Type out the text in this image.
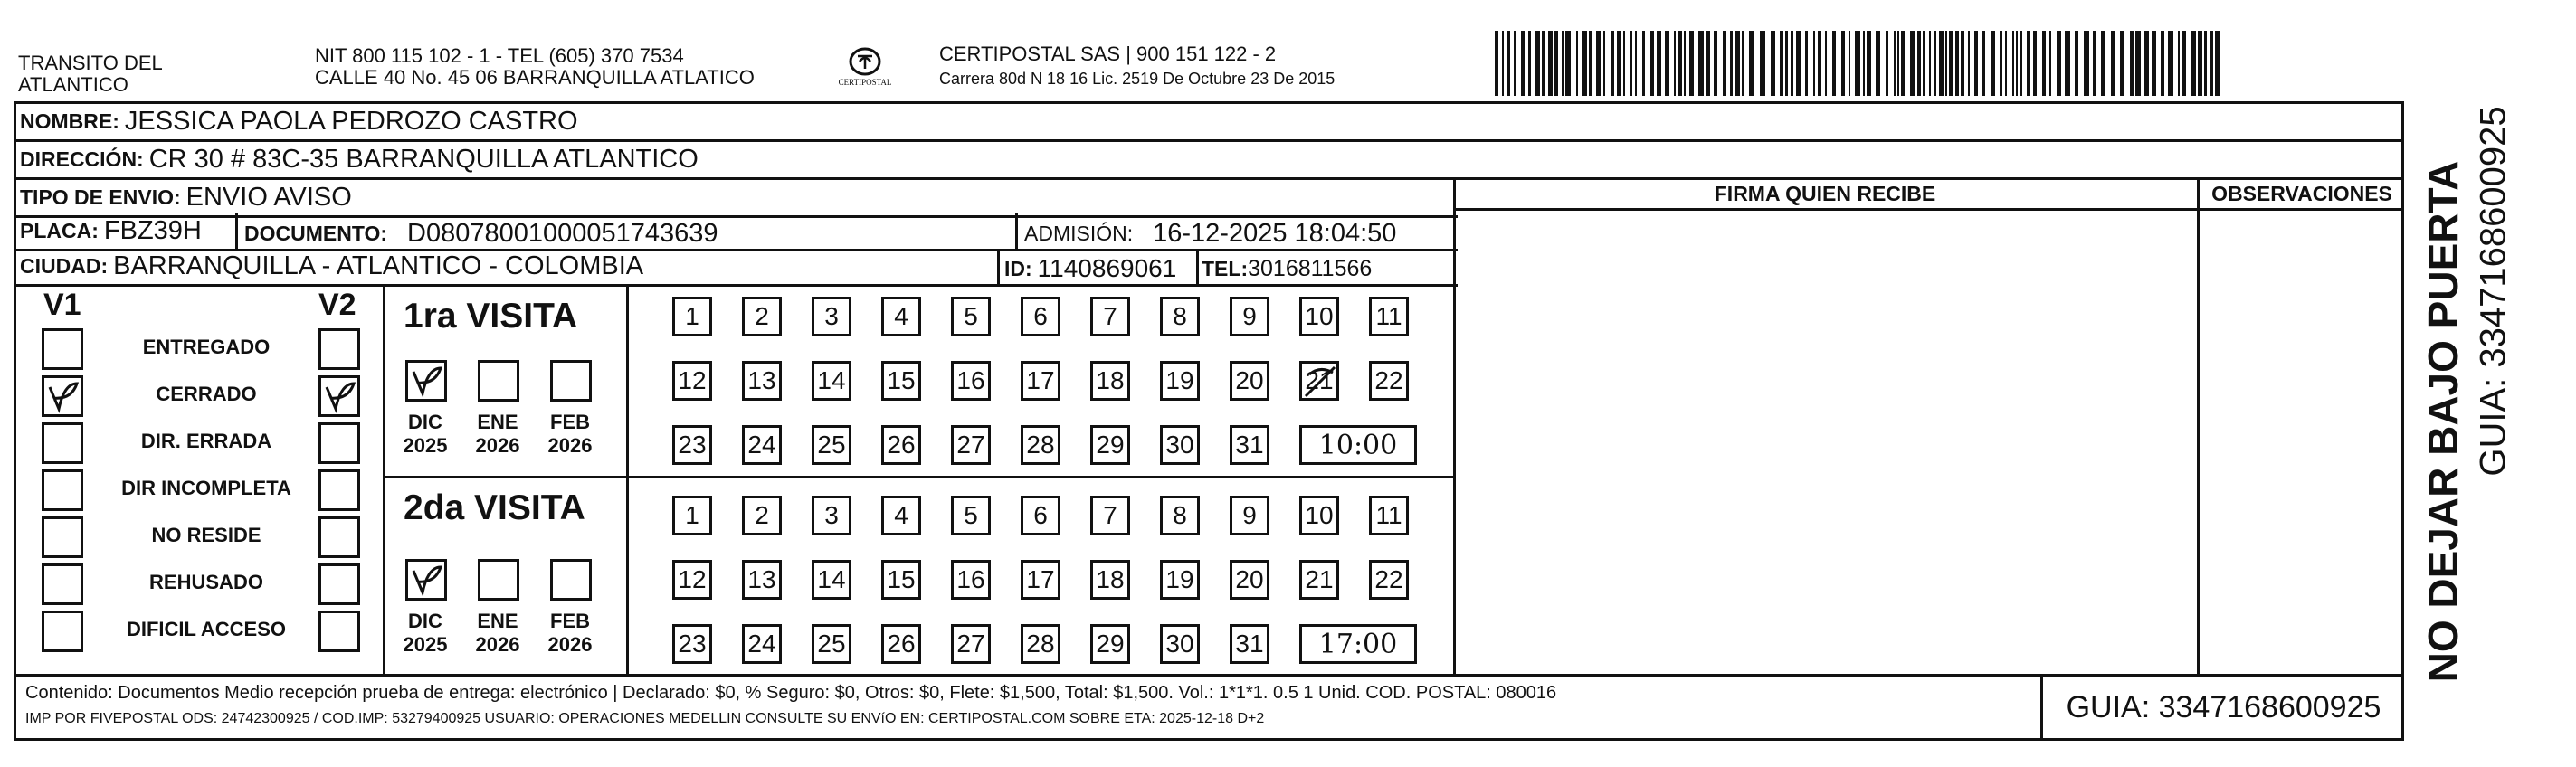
TRANSITO DEL
ATLANTICO
NIT 800 115 102 - 1 - TEL (605) 370 7534
CALLE 40 No. 45 06 BARRANQUILLA ATLATICO	CERTIPOSTAL
CERTIPOSTAL SAS | 900 151 122 - 2
Carrera 80d N 18 16 Lic. 2519 De Octubre 23 De 2015
NOMBRE: JESSICA PAOLA PEDROZO CASTRO
DIRECCIÓN: CR 30 # 83C-35 BARRANQUILLA ATLANTICO
TIPO DE ENVIO: ENVIO AVISO
PLACA: FBZ39H DOCUMENTO: D08078001000051743639	ADMISIÓN: 16-12-2025 18:04:50
CIUDAD: BARRANQUILLA - ATLANTICO - COLOMBIA	ID: 1140869061 TEL: 3016811566
FIRMA QUIEN RECIBE	OBSERVACIONES
V1	V2 1ra VISITA
2da VISITA
Contenido: Documentos Medio recepción prueba de entrega: electrónico | Declarado: $0, % Seguro: $0, Otros: $0, Flete: $1,500, Total: $1,500. Vol.: 1*1*1. 0.5 1 Unid. COD. POSTAL: 080016
IMP POR FIVEPOSTAL ODS: 24742300925 / COD.IMP: 53279400925 USUARIO: OPERACIONES MEDELLIN CONSULTE SU ENVíO EN: CERTIPOSTAL.COM SOBRE ETA: 2025-12-18 D+2	GUIA: 3347168600925
NO DEJAR BAJO PUERTA GUIA: 3347168600925
ENTREGADO
CERRADO
DIR. ERRADA
DIR INCOMPLETA
NO RESIDE
REHUSADO
DIFICIL ACCESO
DIC
2025
ENE
2026
FEB
2026
1	2	3	4	5	6	7	8	9	10 11
12 13 14 15 16 17 18 19 20 21 22
23 24 25 26 27 28 29 30 31	10:00
DIC
2025
ENE
2026
FEB
2026
1	2	3	4	5	6	7	8	9	10 11
12 13 14 15 16 17 18 19 20 21 22
23 24 25 26 27 28 29 30 31	17:00
